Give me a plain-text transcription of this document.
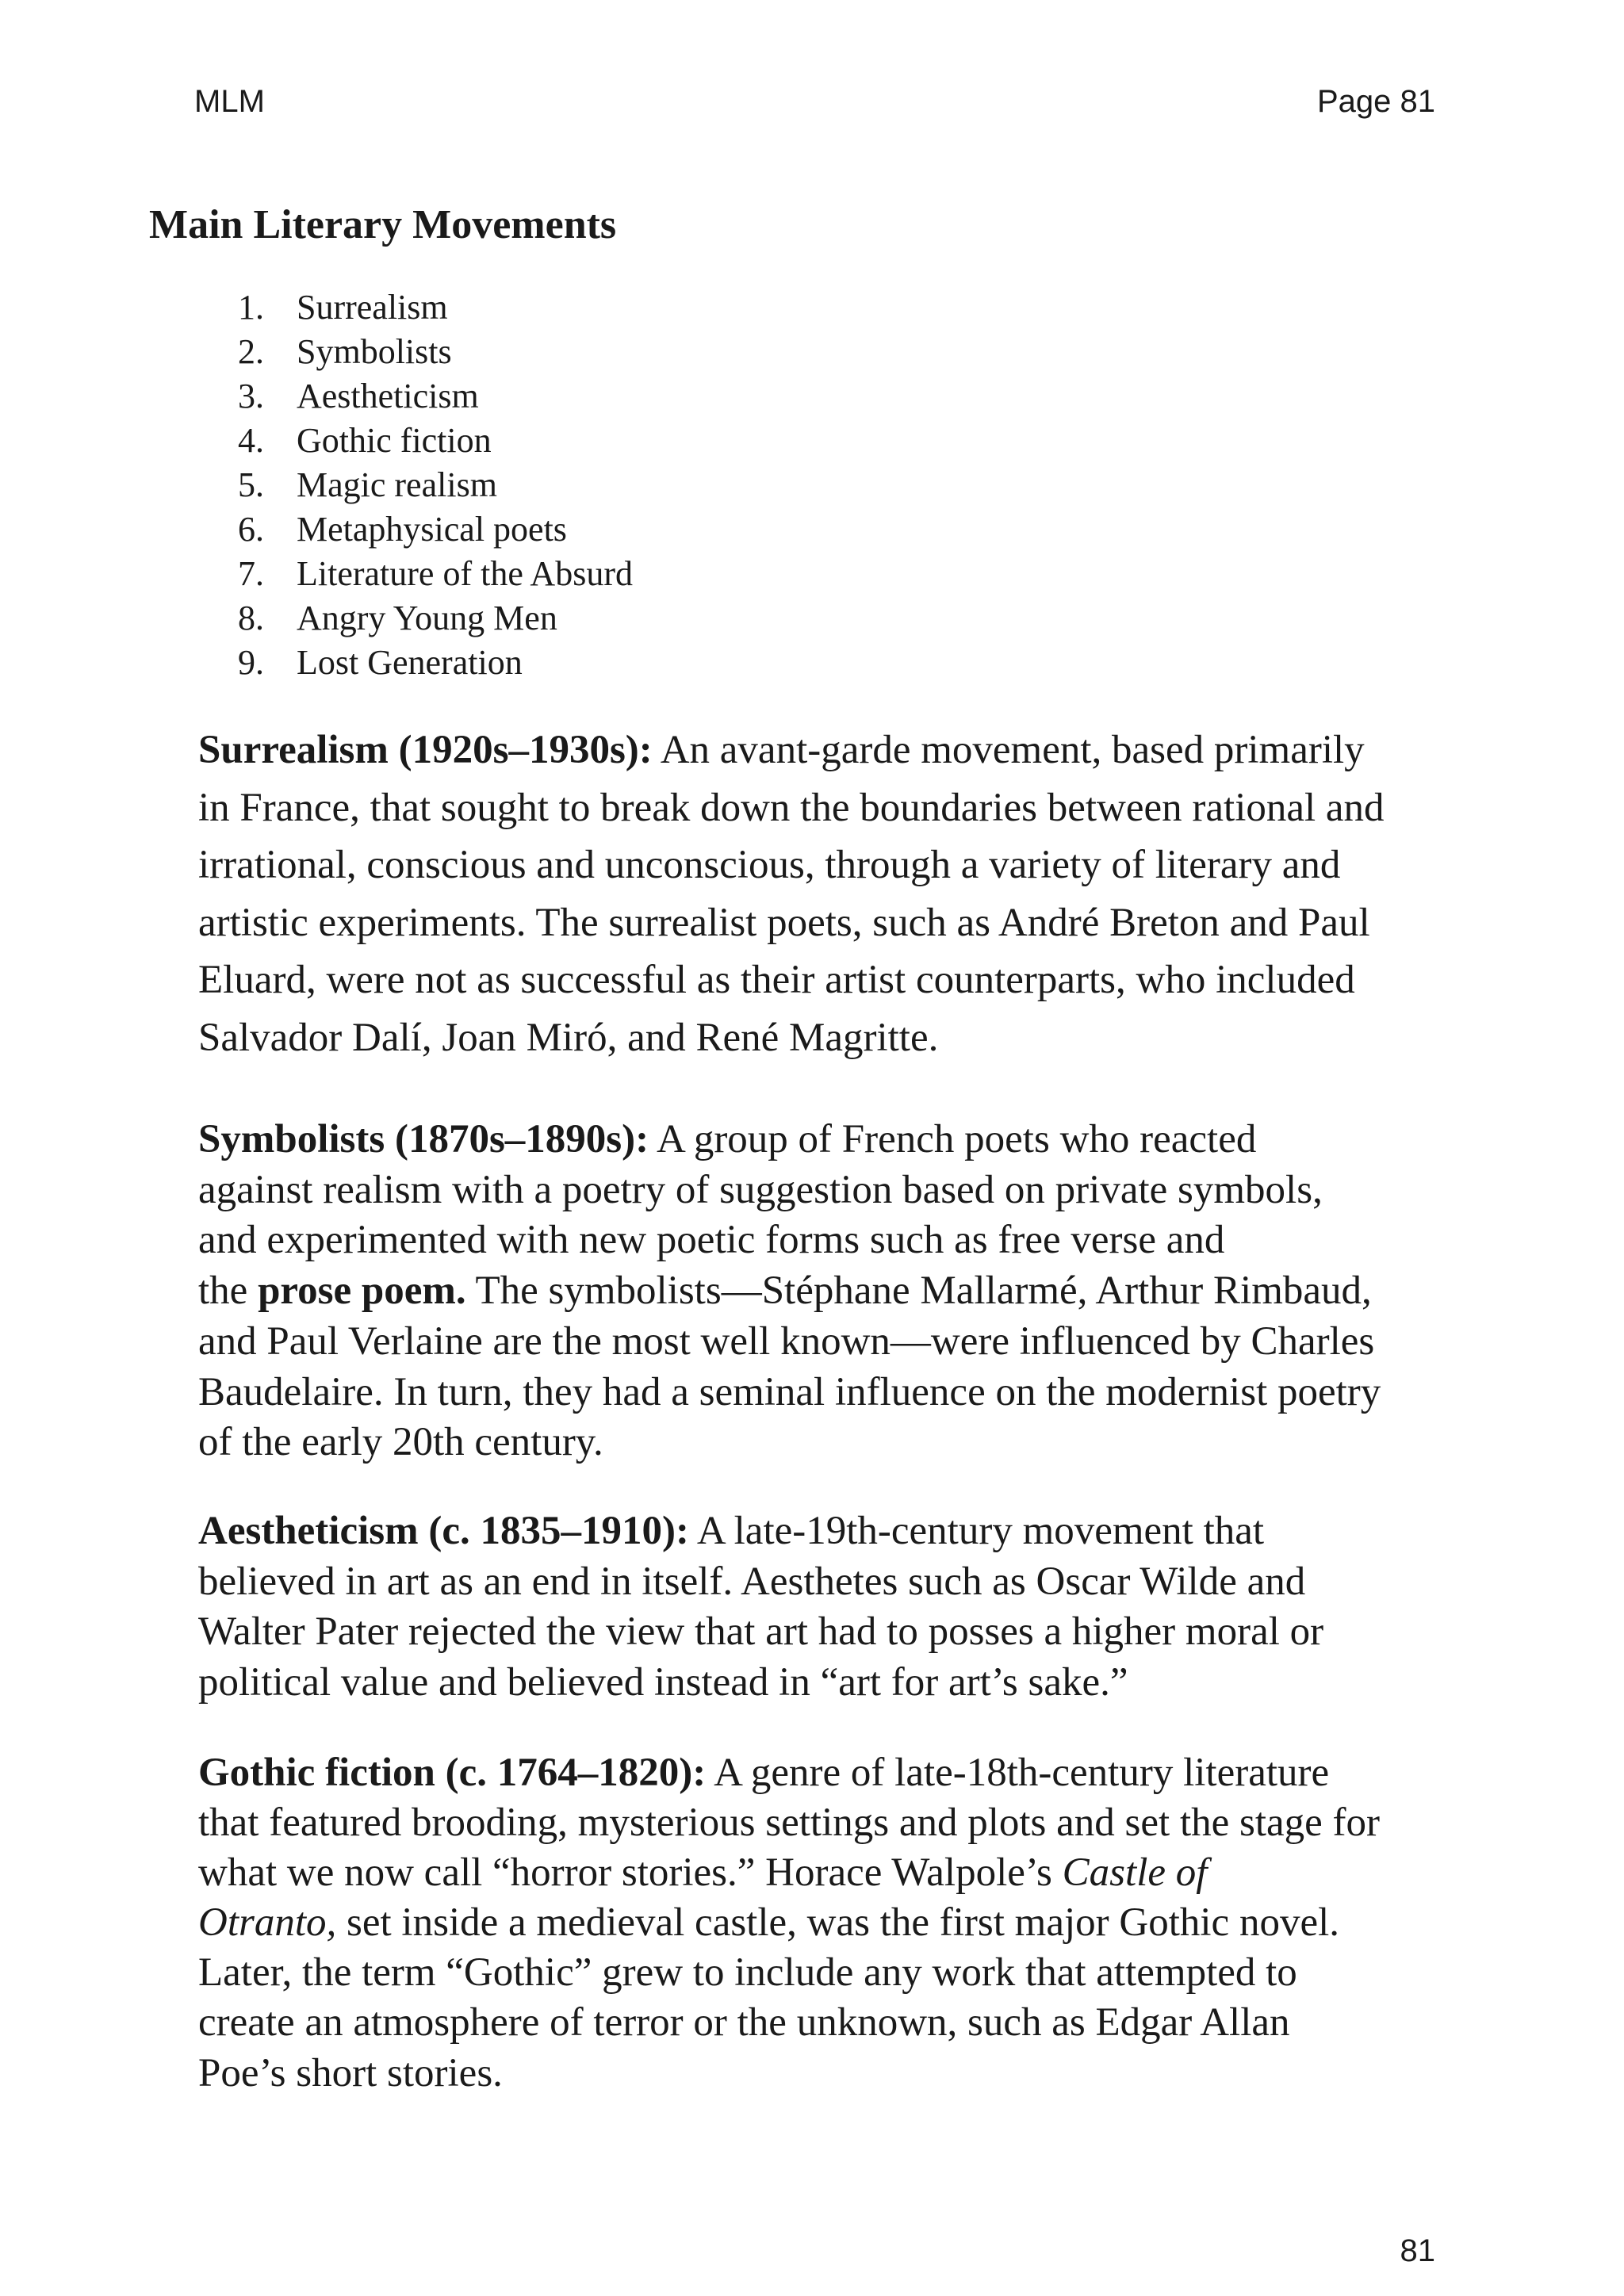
MLM	Page 81
Main Literary Movements
1. Surrealism
2. Symbolists
3. Aestheticism
4. Gothic fiction
5. Magic realism
6. Metaphysical poets
7. Literature of the Absurd
8. Angry Young Men
9. Lost Generation

Surrealism (1920s–1930s): An avant-garde movement, based primarily
in France, that sought to break down the boundaries between rational and
irrational, conscious and unconscious, through a variety of literary and
artistic experiments. The surrealist poets, such as André Breton and Paul
Eluard, were not as successful as their artist counterparts, who included
Salvador Dalí, Joan Miró, and René Magritte.

Symbolists (1870s–1890s): A group of French poets who reacted
against realism with a poetry of suggestion based on private symbols,
and experimented with new poetic forms such as free verse and
the prose poem. The symbolists—Stéphane Mallarmé, Arthur Rimbaud,
and Paul Verlaine are the most well known—were influenced by Charles
Baudelaire. In turn, they had a seminal influence on the modernist poetry
of the early 20th century.

Aestheticism (c. 1835–1910): A late-19th-century movement that
believed in art as an end in itself. Aesthetes such as Oscar Wilde and
Walter Pater rejected the view that art had to posses a higher moral or
political value and believed instead in “art for art’s sake.”

Gothic fiction (c. 1764–1820): A genre of late-18th-century literature
that featured brooding, mysterious settings and plots and set the stage for
what we now call “horror stories.” Horace Walpole’s Castle of
Otranto, set inside a medieval castle, was the first major Gothic novel.
Later, the term “Gothic” grew to include any work that attempted to
create an atmosphere of terror or the unknown, such as Edgar Allan
Poe’s short stories.

81
